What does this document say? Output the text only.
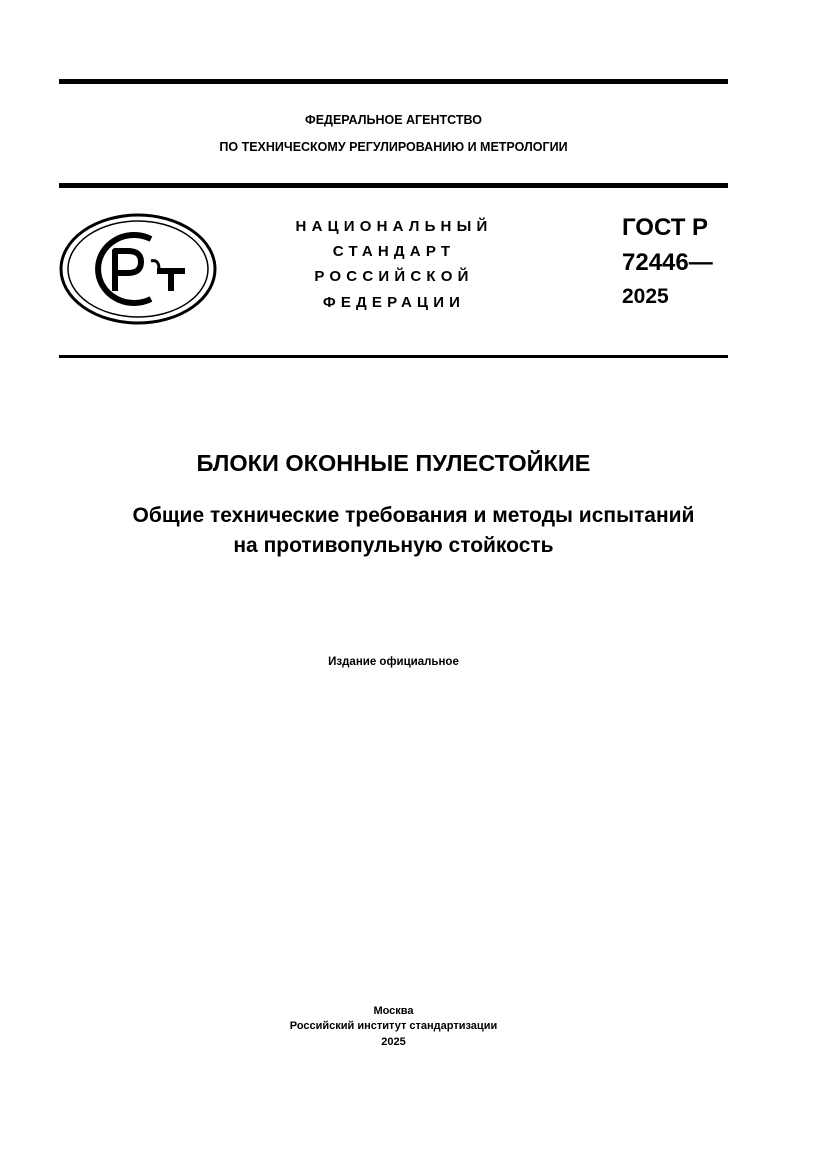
ФЕДЕРАЛЬНОЕ АГЕНТСТВО
ПО ТЕХНИЧЕСКОМУ РЕГУЛИРОВАНИЮ И МЕТРОЛОГИИ
НАЦИОНАЛЬНЫЙ
СТАНДАРТ
РОССИЙСКОЙ
ФЕДЕРАЦИИ
ГОСТ Р
72446—
2025
БЛОКИ ОКОННЫЕ ПУЛЕСТОЙКИЕ
Общие технические требования и методы испытаний
на противопульную стойкость
Издание официальное
Москва
Российский институт стандартизации
2025
